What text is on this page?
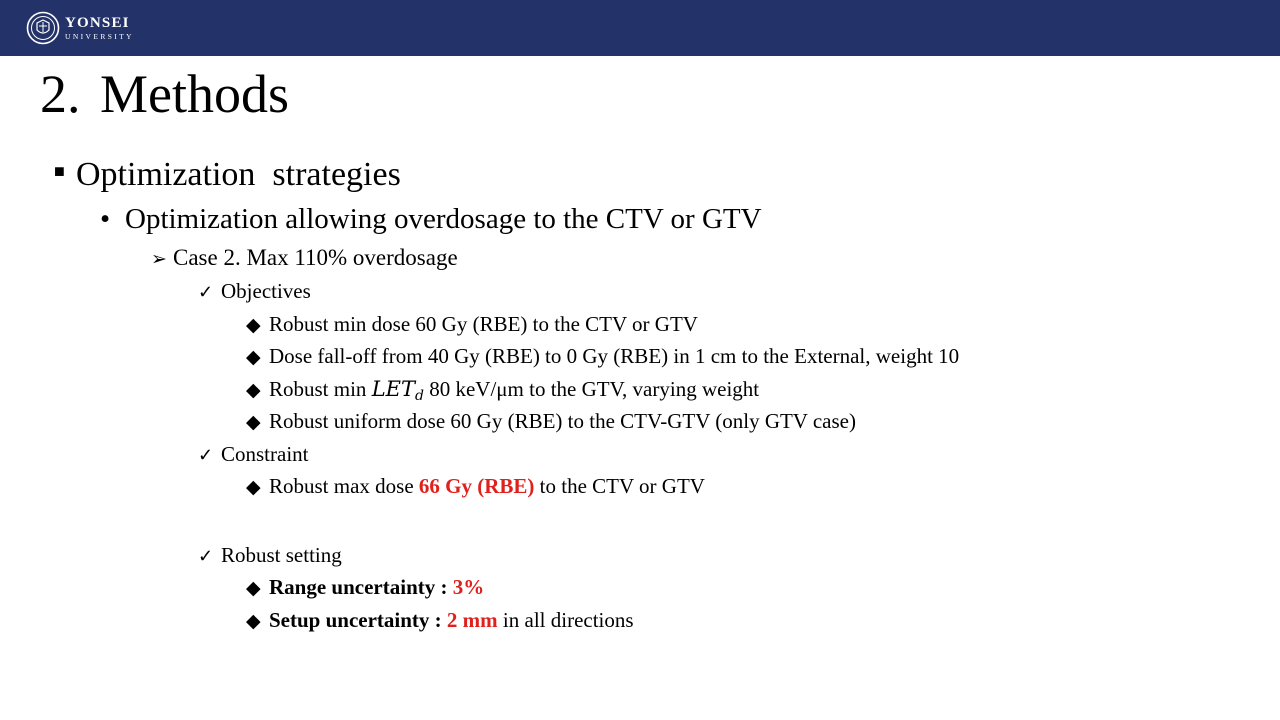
YONSEI
UNIVERSITY
2. Methods
■ Optimization  strategies
• Optimization allowing overdosage to the CTV or GTV
➢ Case 2. Max 110% overdosage
✓ Objectives
◆ Robust min dose 60 Gy (RBE) to the CTV or GTV
◆ Dose fall-off from 40 Gy (RBE) to 0 Gy (RBE) in 1 cm to the External, weight 10
◆ Robust $\min LET_d$ 80 keV/μm to the GTV, varying weight
◆ Robust uniform dose 60 Gy (RBE) to the CTV-GTV (only GTV case)
✓ Constraint
◆ Robust max dose 66 Gy (RBE) to the CTV or GTV
✓ Robust setting
◆ Range uncertainty : 3%
◆ Setup uncertainty : 2 mm in all directions
